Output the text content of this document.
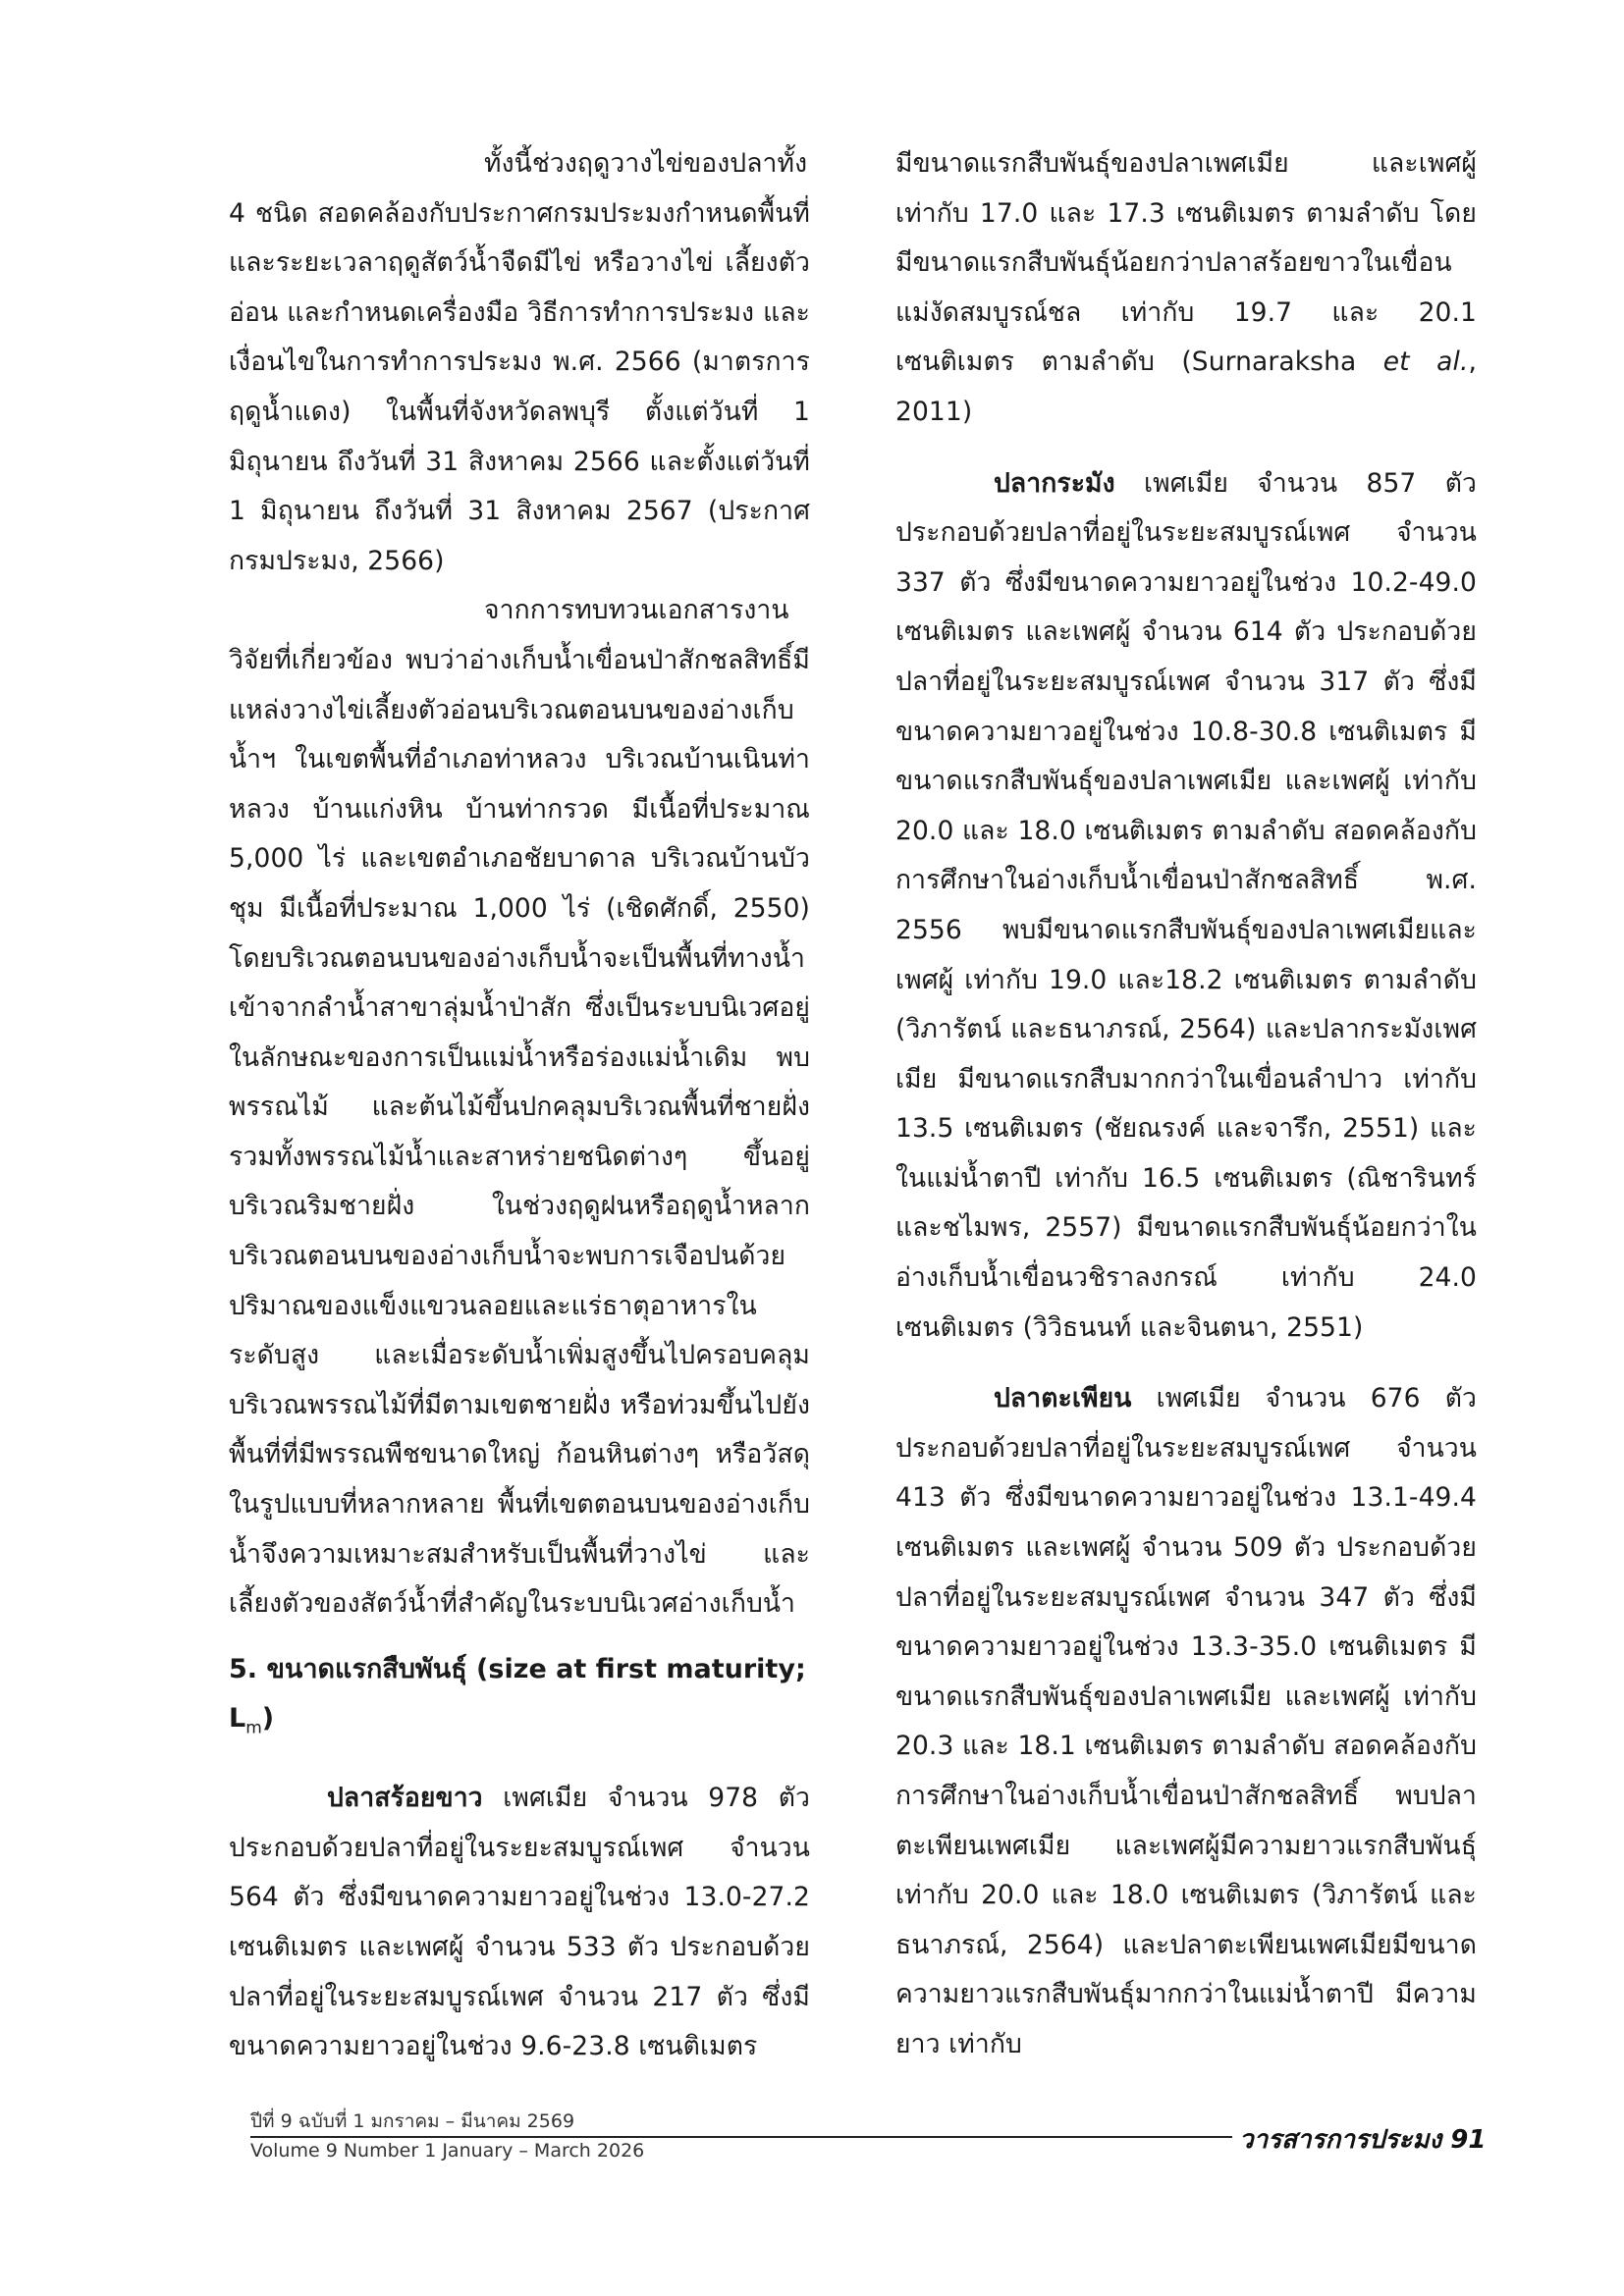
ทั้งนี้ช่วงฤดูวางไข่ของปลาทั้ง 4 ชนิด สอดคล้องกับประกาศกรมประมงกำหนดพื้นที่และระยะเวลาฤดูสัตว์น้ำจืดมีไข่ หรือวางไข่ เลี้ยงตัวอ่อน และกำหนดเครื่องมือ วิธีการทำการประมง และเงื่อนไขในการทำการประมง พ.ศ. 2566 (มาตรการฤดูน้ำแดง) ในพื้นที่จังหวัดลพบุรี ตั้งแต่วันที่ 1 มิถุนายน ถึงวันที่ 31 สิงหาคม 2566 และตั้งแต่วันที่ 1 มิถุนายน ถึงวันที่ 31 สิงหาคม 2567 (ประกาศกรมประมง, 2566)

จากการทบทวนเอกสารงานวิจัยที่เกี่ยวข้อง พบว่าอ่างเก็บน้ำเขื่อนป่าสักชลสิทธิ์มีแหล่งวางไข่เลี้ยงตัวอ่อนบริเวณตอนบนของอ่างเก็บน้ำฯ ในเขตพื้นที่อำเภอท่าหลวง บริเวณบ้านเนินท่าหลวง บ้านแก่งหิน บ้านท่ากรวด มีเนื้อที่ประมาณ 5,000 ไร่ และเขตอำเภอชัยบาดาล บริเวณบ้านบัวชุม มีเนื้อที่ประมาณ 1,000 ไร่ (เชิดศักดิ์, 2550) โดยบริเวณตอนบนของอ่างเก็บน้ำจะเป็นพื้นที่ทางน้ำเข้าจากลำน้ำสาขาลุ่มน้ำป่าสัก ซึ่งเป็นระบบนิเวศอยู่ในลักษณะของการเป็นแม่น้ำหรือร่องแม่น้ำเดิม พบพรรณไม้ และต้นไม้ขึ้นปกคลุมบริเวณพื้นที่ชายฝั่ง รวมทั้งพรรณไม้น้ำและสาหร่ายชนิดต่างๆ ขึ้นอยู่บริเวณริมชายฝั่ง ในช่วงฤดูฝนหรือฤดูน้ำหลากบริเวณตอนบนของอ่างเก็บน้ำจะพบการเจือปนด้วยปริมาณของแข็งแขวนลอยและแร่ธาตุอาหารในระดับสูง และเมื่อระดับน้ำเพิ่มสูงขึ้นไปครอบคลุมบริเวณพรรณไม้ที่มีตามเขตชายฝั่ง หรือท่วมขึ้นไปยังพื้นที่ที่มีพรรณพืชขนาดใหญ่ ก้อนหินต่างๆ หรือวัสดุในรูปแบบที่หลากหลาย พื้นที่เขตตอนบนของอ่างเก็บน้ำจึงความเหมาะสมสำหรับเป็นพื้นที่วางไข่ และเลี้ยงตัวของสัตว์น้ำที่สำคัญในระบบนิเวศอ่างเก็บน้ำ

5. ขนาดแรกสืบพันธุ์ (size at first maturity; $L_m$)

ปลาสร้อยขาว เพศเมีย จำนวน 978 ตัว ประกอบด้วยปลาที่อยู่ในระยะสมบูรณ์เพศ จำนวน 564 ตัว ซึ่งมีขนาดความยาวอยู่ในช่วง 13.0-27.2 เซนติเมตร และเพศผู้ จำนวน 533 ตัว ประกอบด้วยปลาที่อยู่ในระยะสมบูรณ์เพศ จำนวน 217 ตัว ซึ่งมีขนาดความยาวอยู่ในช่วง 9.6-23.8 เซนติเมตร

มีขนาดแรกสืบพันธุ์ของปลาเพศเมีย และเพศผู้ เท่ากับ 17.0 และ 17.3 เซนติเมตร ตามลำดับ โดยมีขนาดแรกสืบพันธุ์น้อยกว่าปลาสร้อยขาวในเขื่อนแม่งัดสมบูรณ์ชล เท่ากับ 19.7 และ 20.1 เซนติเมตร ตามลำดับ (Surnaraksha et al., 2011)

ปลากระมัง เพศเมีย จำนวน 857 ตัว ประกอบด้วยปลาที่อยู่ในระยะสมบูรณ์เพศ จำนวน 337 ตัว ซึ่งมีขนาดความยาวอยู่ในช่วง 10.2-49.0 เซนติเมตร และเพศผู้ จำนวน 614 ตัว ประกอบด้วยปลาที่อยู่ในระยะสมบูรณ์เพศ จำนวน 317 ตัว ซึ่งมีขนาดความยาวอยู่ในช่วง 10.8-30.8 เซนติเมตร มีขนาดแรกสืบพันธุ์ของปลาเพศเมีย และเพศผู้ เท่ากับ 20.0 และ 18.0 เซนติเมตร ตามลำดับ สอดคล้องกับการศึกษาในอ่างเก็บน้ำเขื่อนป่าสักชลสิทธิ์ พ.ศ. 2556 พบมีขนาดแรกสืบพันธุ์ของปลาเพศเมียและเพศผู้ เท่ากับ 19.0 และ18.2 เซนติเมตร ตามลำดับ (วิภารัตน์ และธนาภรณ์, 2564) และปลากระมังเพศเมีย มีขนาดแรกสืบมากกว่าในเขื่อนลำปาว เท่ากับ 13.5 เซนติเมตร (ชัยณรงค์ และจารึก, 2551) และในแม่น้ำตาปี เท่ากับ 16.5 เซนติเมตร (ณิชารินทร์ และชไมพร, 2557) มีขนาดแรกสืบพันธุ์น้อยกว่าในอ่างเก็บน้ำเขื่อนวชิราลงกรณ์ เท่ากับ 24.0 เซนติเมตร (วิวิธนนท์ และจินตนา, 2551)

ปลาตะเพียน เพศเมีย จำนวน 676 ตัว ประกอบด้วยปลาที่อยู่ในระยะสมบูรณ์เพศ จำนวน 413 ตัว ซึ่งมีขนาดความยาวอยู่ในช่วง 13.1-49.4 เซนติเมตร และเพศผู้ จำนวน 509 ตัว ประกอบด้วยปลาที่อยู่ในระยะสมบูรณ์เพศ จำนวน 347 ตัว ซึ่งมีขนาดความยาวอยู่ในช่วง 13.3-35.0 เซนติเมตร มีขนาดแรกสืบพันธุ์ของปลาเพศเมีย และเพศผู้ เท่ากับ 20.3 และ 18.1 เซนติเมตร ตามลำดับ สอดคล้องกับการศึกษาในอ่างเก็บน้ำเขื่อนป่าสักชลสิทธิ์ พบปลาตะเพียนเพศเมีย และเพศผู้มีความยาวแรกสืบพันธุ์ เท่ากับ 20.0 และ 18.0 เซนติเมตร (วิภารัตน์ และธนาภรณ์, 2564) และปลาตะเพียนเพศเมียมีขนาดความยาวแรกสืบพันธุ์มากกว่าในแม่น้ำตาปี มีความยาว เท่ากับ

ปีที่ 9 ฉบับที่ 1 มกราคม – มีนาคม 2569
Volume 9 Number 1 January – March 2026	วารสารการประมง 91
